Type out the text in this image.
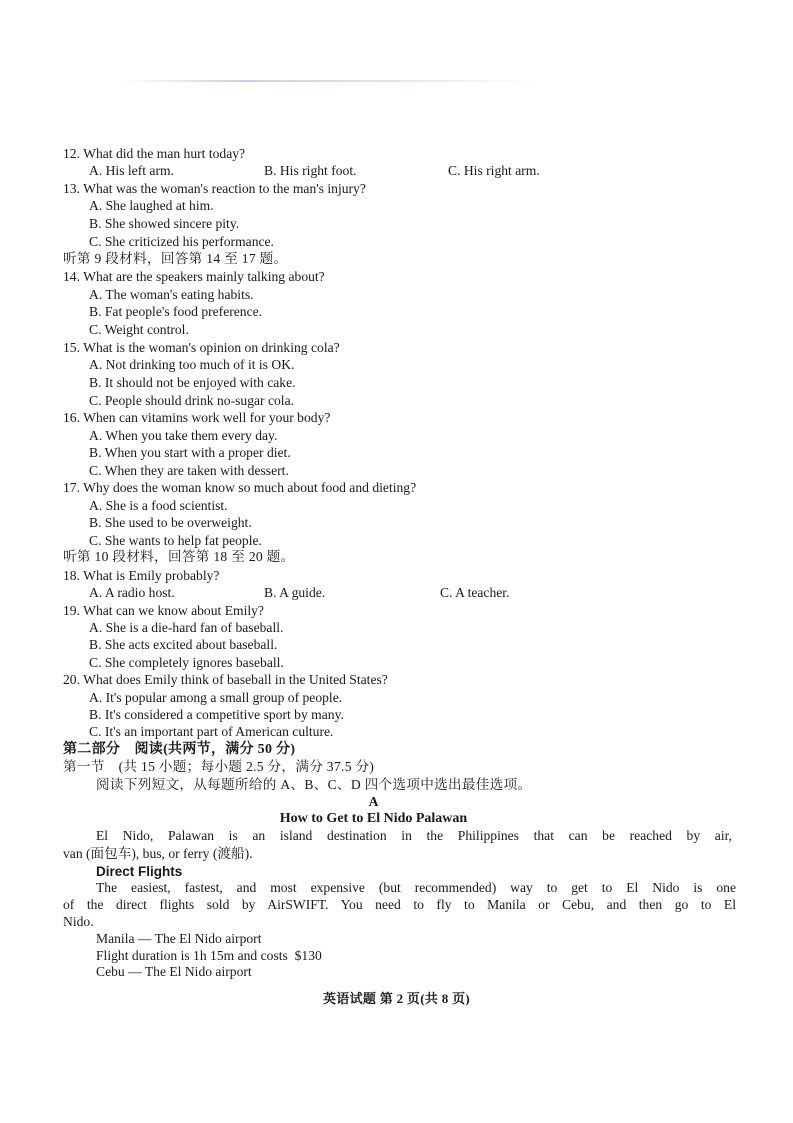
12. What did the man hurt today?
A. His left arm.	B. His right foot.	C. His right arm.
13. What was the woman's reaction to the man's injury?
A. She laughed at him.
B. She showed sincere pity.
C. She criticized his performance.
听第 9 段材料，回答第 14 至 17 题。
14. What are the speakers mainly talking about?
A. The woman's eating habits.
B. Fat people's food preference.
C. Weight control.
15. What is the woman's opinion on drinking cola?
A. Not drinking too much of it is OK.
B. It should not be enjoyed with cake.
C. People should drink no-sugar cola.
16. When can vitamins work well for your body?
A. When you take them every day.
B. When you start with a proper diet.
C. When they are taken with dessert.
17. Why does the woman know so much about food and dieting?
A. She is a food scientist.
B. She used to be overweight.
C. She wants to help fat people.
听第 10 段材料，回答第 18 至 20 题。
18. What is Emily probably?
A. A radio host.	B. A guide.	C. A teacher.
19. What can we know about Emily?
A. She is a die-hard fan of baseball.
B. She acts excited about baseball.
C. She completely ignores baseball.
20. What does Emily think of baseball in the United States?
A. It's popular among a small group of people.
B. It's considered a competitive sport by many.
C. It's an important part of American culture.
第二部分　阅读(共两节，满分 50 分)
第一节　(共 15 小题；每小题 2.5 分，满分 37.5 分)
阅读下列短文，从每题所给的 A、B、C、D 四个选项中选出最佳选项。
A
How to Get to El Nido Palawan
El Nido, Palawan is an island destination in the Philippines that can be reached by air,
van (面包车), bus, or ferry (渡船).
Direct Flights
The easiest, fastest, and most expensive (but recommended) way to get to El Nido is one
of the direct flights sold by AirSWIFT. You need to fly to Manila or Cebu, and then go to El
Nido.
Manila — The El Nido airport
Flight duration is 1h 15m and costs  $130
Cebu — The El Nido airport
英语试题 第 2 页(共 8 页)
